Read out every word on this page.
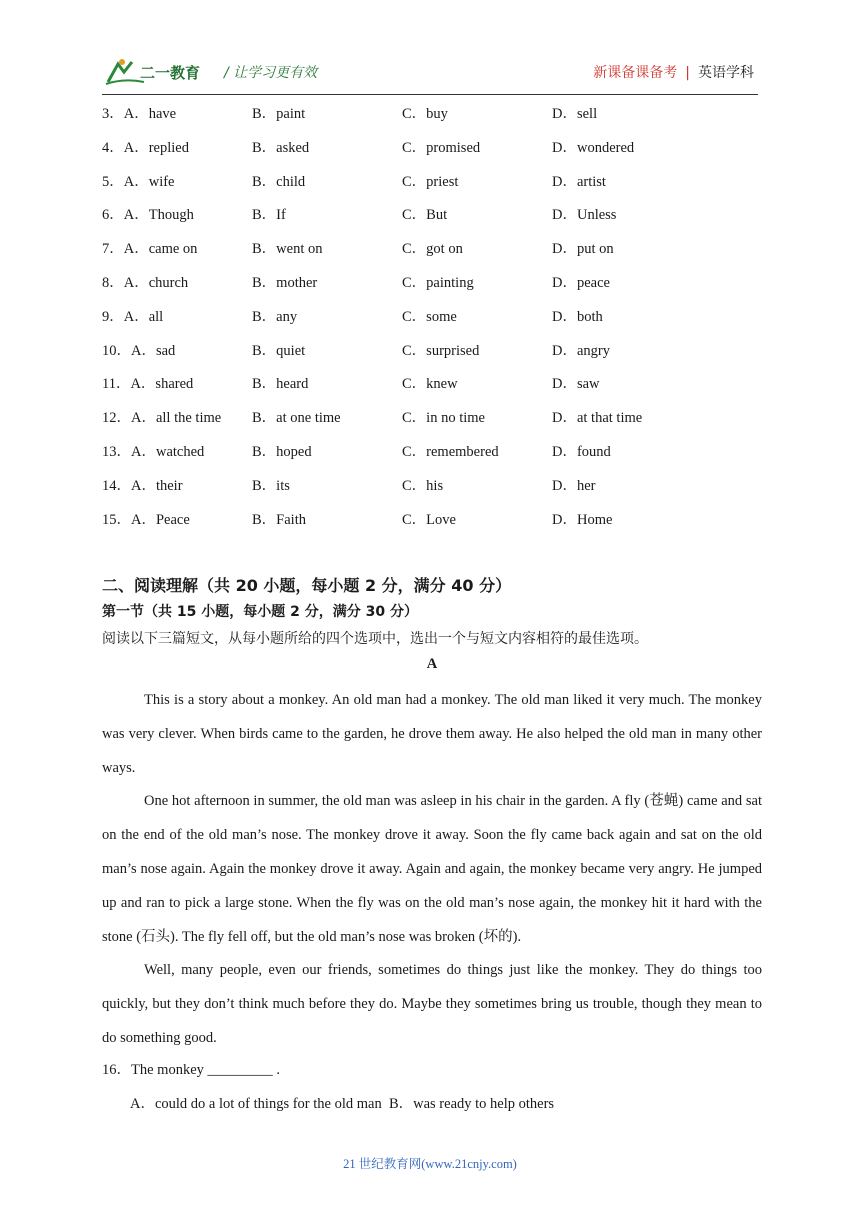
二一教育 / 让学习更有效	新课备课备考 | 英语学科
3．A．have	B．paint	C．buy	D．sell
4．A．replied	B．asked	C．promised	D．wondered
5．A．wife	B．child	C．priest	D．artist
6．A．Though	B．If	C．But	D．Unless
7．A．came on	B．went on	C．got on	D．put on
8．A．church	B．mother	C．painting	D．peace
9．A．all	B．any	C．some	D．both
10．A．sad	B．quiet	C．surprised	D．angry
11．A．shared	B．heard	C．knew	D．saw
12．A．all the time	B．at one time	C．in no time	D．at that time
13．A．watched	B．hoped	C．remembered	D．found
14．A．their	B．its	C．his	D．her
15．A．Peace	B．Faith	C．Love	D．Home
二、阅读理解（共 20 小题，每小题 2 分，满分 40 分）
第一节（共 15 小题，每小题 2 分，满分 30 分）
阅读以下三篇短文，从每小题所给的四个选项中，选出一个与短文内容相符的最佳选项。
A

This is a story about a monkey. An old man had a monkey. The old man liked it very much. The monkey was very clever. When birds came to the garden, he drove them away. He also helped the old man in many other ways.

One hot afternoon in summer, the old man was asleep in his chair in the garden. A fly (苍蝇) came and sat on the end of the old man’s nose. The monkey drove it away. Soon the fly came back again and sat on the old man’s nose again. Again the monkey drove it away. Again and again, the monkey became very angry. He jumped up and ran to pick a large stone. When the fly was on the old man’s nose again, the monkey hit it hard with the stone (石头). The fly fell off, but the old man’s nose was broken (坏的).

Well, many people, even our friends, sometimes do things just like the monkey. They do things too quickly, but they don’t think much before they do. Maybe they sometimes bring us trouble, though they mean to do something good.

16．The monkey _________ .
A．could do a lot of things for the old man B．was ready to help others
21 世纪教育网(www.21cnjy.com)
